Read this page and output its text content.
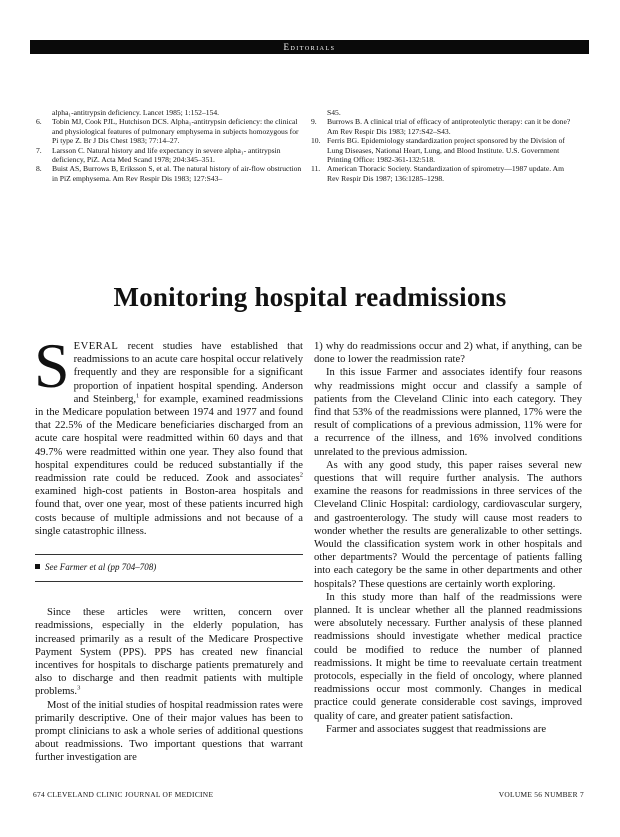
Editorials
alpha₁-antitrypsin deficiency. Lancet 1985; 1:152–154.
6.	Tobin MJ, Cook PJL, Hutchison DCS. Alpha₁-antitrypsin deficiency: the clinical and physiological features of pulmonary emphysema in subjects homozygous for Pi type Z. Br J Dis Chest 1983; 77:14–27.
7.	Larsson C. Natural history and life expectancy in severe alpha₁- antitrypsin deficiency, PiZ. Acta Med Scand 1978; 204:345–351.
8.	Buist AS, Burrows B, Eriksson S, et al. The natural history of air-flow obstruction in PiZ emphysema. Am Rev Respir Dis 1983; 127:S43–
S45.
9.	Burrows B. A clinical trial of efficacy of antiproteolytic therapy: can it be done? Am Rev Respir Dis 1983; 127:S42–S43.
10. Ferris BG. Epidemiology standardization project sponsored by the Division of Lung Diseases, National Heart, Lung, and Blood Institute. U.S. Government Printing Office: 1982-361-132:518.
11. American Thoracic Society. Standardization of spirometry—1987 update. Am Rev Respir Dis 1987; 136:1285–1298.
Monitoring hospital readmissions

SEVERAL recent studies have established that readmissions to an acute care hospital occur relatively frequently and they are responsible for a significant proportion of inpatient hospital spending. Anderson and Steinberg,$^1$ for example, examined readmissions in the Medicare population between 1974 and 1977 and found that 22.5% of the Medicare beneficiaries discharged from an acute care hospital were readmitted within 60 days and that 49.7% were readmitted within one year. They also found that hospital expenditures could be reduced substantially if the readmission rate could be reduced. Zook and associates$^2$ examined high-cost patients in Boston-area hospitals and found that, over one year, most of these patients incurred high costs because of multiple admissions and not because of a single catastrophic illness.

See Farmer et al (pp 704–708)

Since these articles were written, concern over readmissions, especially in the elderly population, has increased primarily as a result of the Medicare Prospective Payment System (PPS). PPS has created new financial incentives for hospitals to discharge patients prematurely and also to discharge and then readmit patients with multiple problems.$^3$

Most of the initial studies of hospital readmission rates were primarily descriptive. One of their major values has been to prompt clinicians to ask a whole series of additional questions about readmissions. Two important questions that warrant further investigation are

1) why do readmissions occur and 2) what, if anything, can be done to lower the readmission rate?

In this issue Farmer and associates identify four reasons why readmissions might occur and classify a sample of patients from the Cleveland Clinic into each category. They find that 53% of the readmissions were planned, 17% were the result of complications of a previous admission, 11% were for a recurrence of the illness, and 16% involved conditions unrelated to the previous admission.

As with any good study, this paper raises several new questions that will require further analysis. The authors examine the reasons for readmissions in three services of the Cleveland Clinic Hospital: cardiology, cardiovascular surgery, and gastroenterology. The study will cause most readers to wonder whether the results are generalizable to other settings. Would the classification system work in other hospitals and other departments? Would the percentage of patients falling into each category be the same in other departments and other hospitals? These questions are certainly worth exploring.

In this study more than half of the readmissions were planned. It is unclear whether all the planned readmissions were absolutely necessary. Further analysis of these planned readmissions should investigate whether medical practice could be modified to reduce the number of planned readmissions. It might be time to reevaluate certain treatment protocols, especially in the field of oncology, where planned readmissions occur most commonly. Changes in medical practice could generate considerable cost savings, improved quality of care, and greater patient satisfaction.

Farmer and associates suggest that readmissions are

674 CLEVELAND CLINIC JOURNAL OF MEDICINE	VOLUME 56 NUMBER 7
